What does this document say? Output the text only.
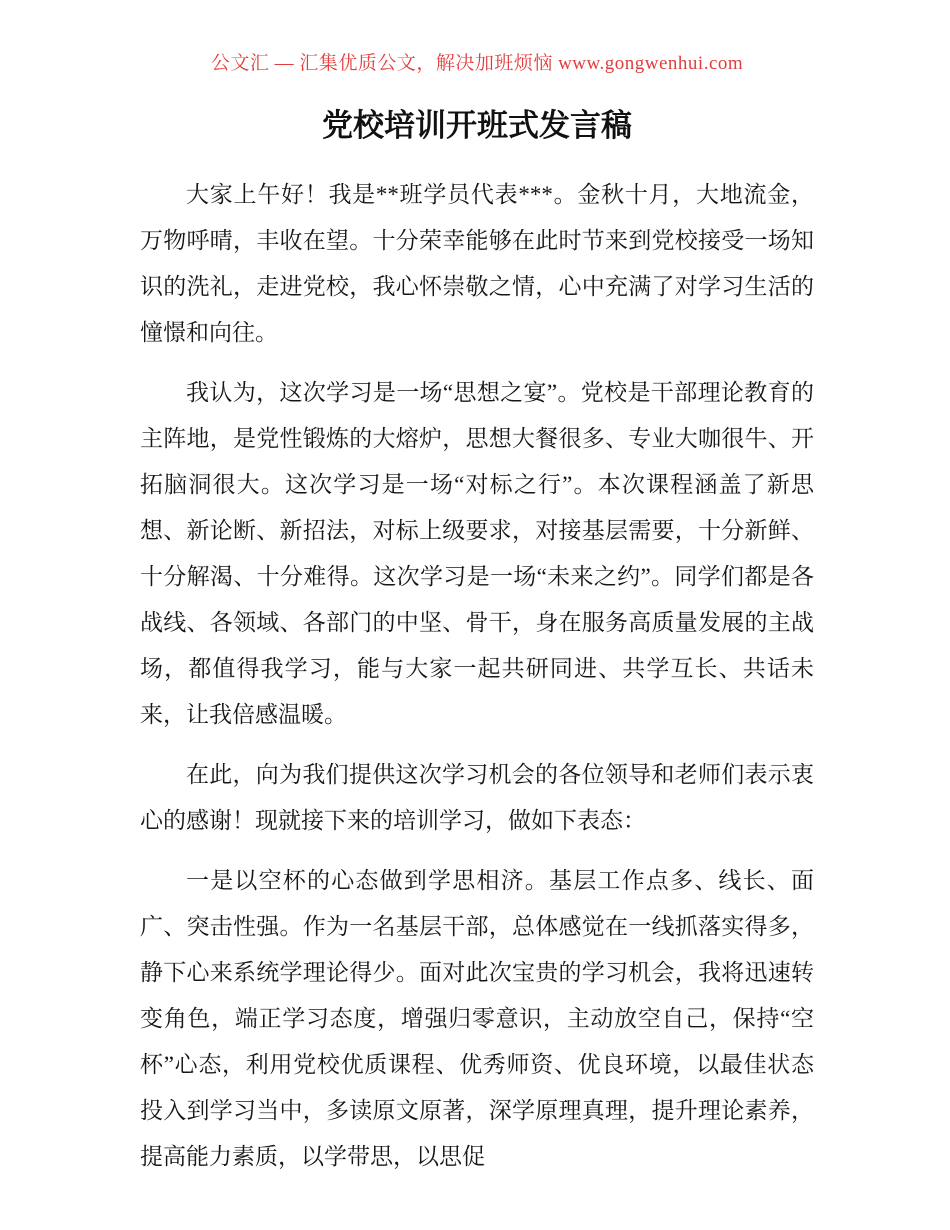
公文汇 — 汇集优质公文，解决加班烦恼 www.gongwenhui.com
党校培训开班式发言稿

大家上午好！我是**班学员代表***。金秋十月，大地流金，万物呼晴，丰收在望。十分荣幸能够在此时节来到党校接受一场知识的洗礼，走进党校，我心怀崇敬之情，心中充满了对学习生活的憧憬和向往。

我认为，这次学习是一场“思想之宴”。党校是干部理论教育的主阵地，是党性锻炼的大熔炉，思想大餐很多、专业大咖很牛、开拓脑洞很大。这次学习是一场“对标之行”。本次课程涵盖了新思想、新论断、新招法，对标上级要求，对接基层需要，十分新鲜、十分解渴、十分难得。这次学习是一场“未来之约”。同学们都是各战线、各领域、各部门的中坚、骨干，身在服务高质量发展的主战场，都值得我学习，能与大家一起共研同进、共学互长、共话未来，让我倍感温暖。

在此，向为我们提供这次学习机会的各位领导和老师们表示衷心的感谢！现就接下来的培训学习，做如下表态：

一是以空杯的心态做到学思相济。基层工作点多、线长、面广、突击性强。作为一名基层干部，总体感觉在一线抓落实得多，静下心来系统学理论得少。面对此次宝贵的学习机会，我将迅速转变角色，端正学习态度，增强归零意识，主动放空自己，保持“空杯”心态，利用党校优质课程、优秀师资、优良环境，以最佳状态投入到学习当中，多读原文原著，深学原理真理，提升理论素养，提高能力素质，以学带思，以思促
